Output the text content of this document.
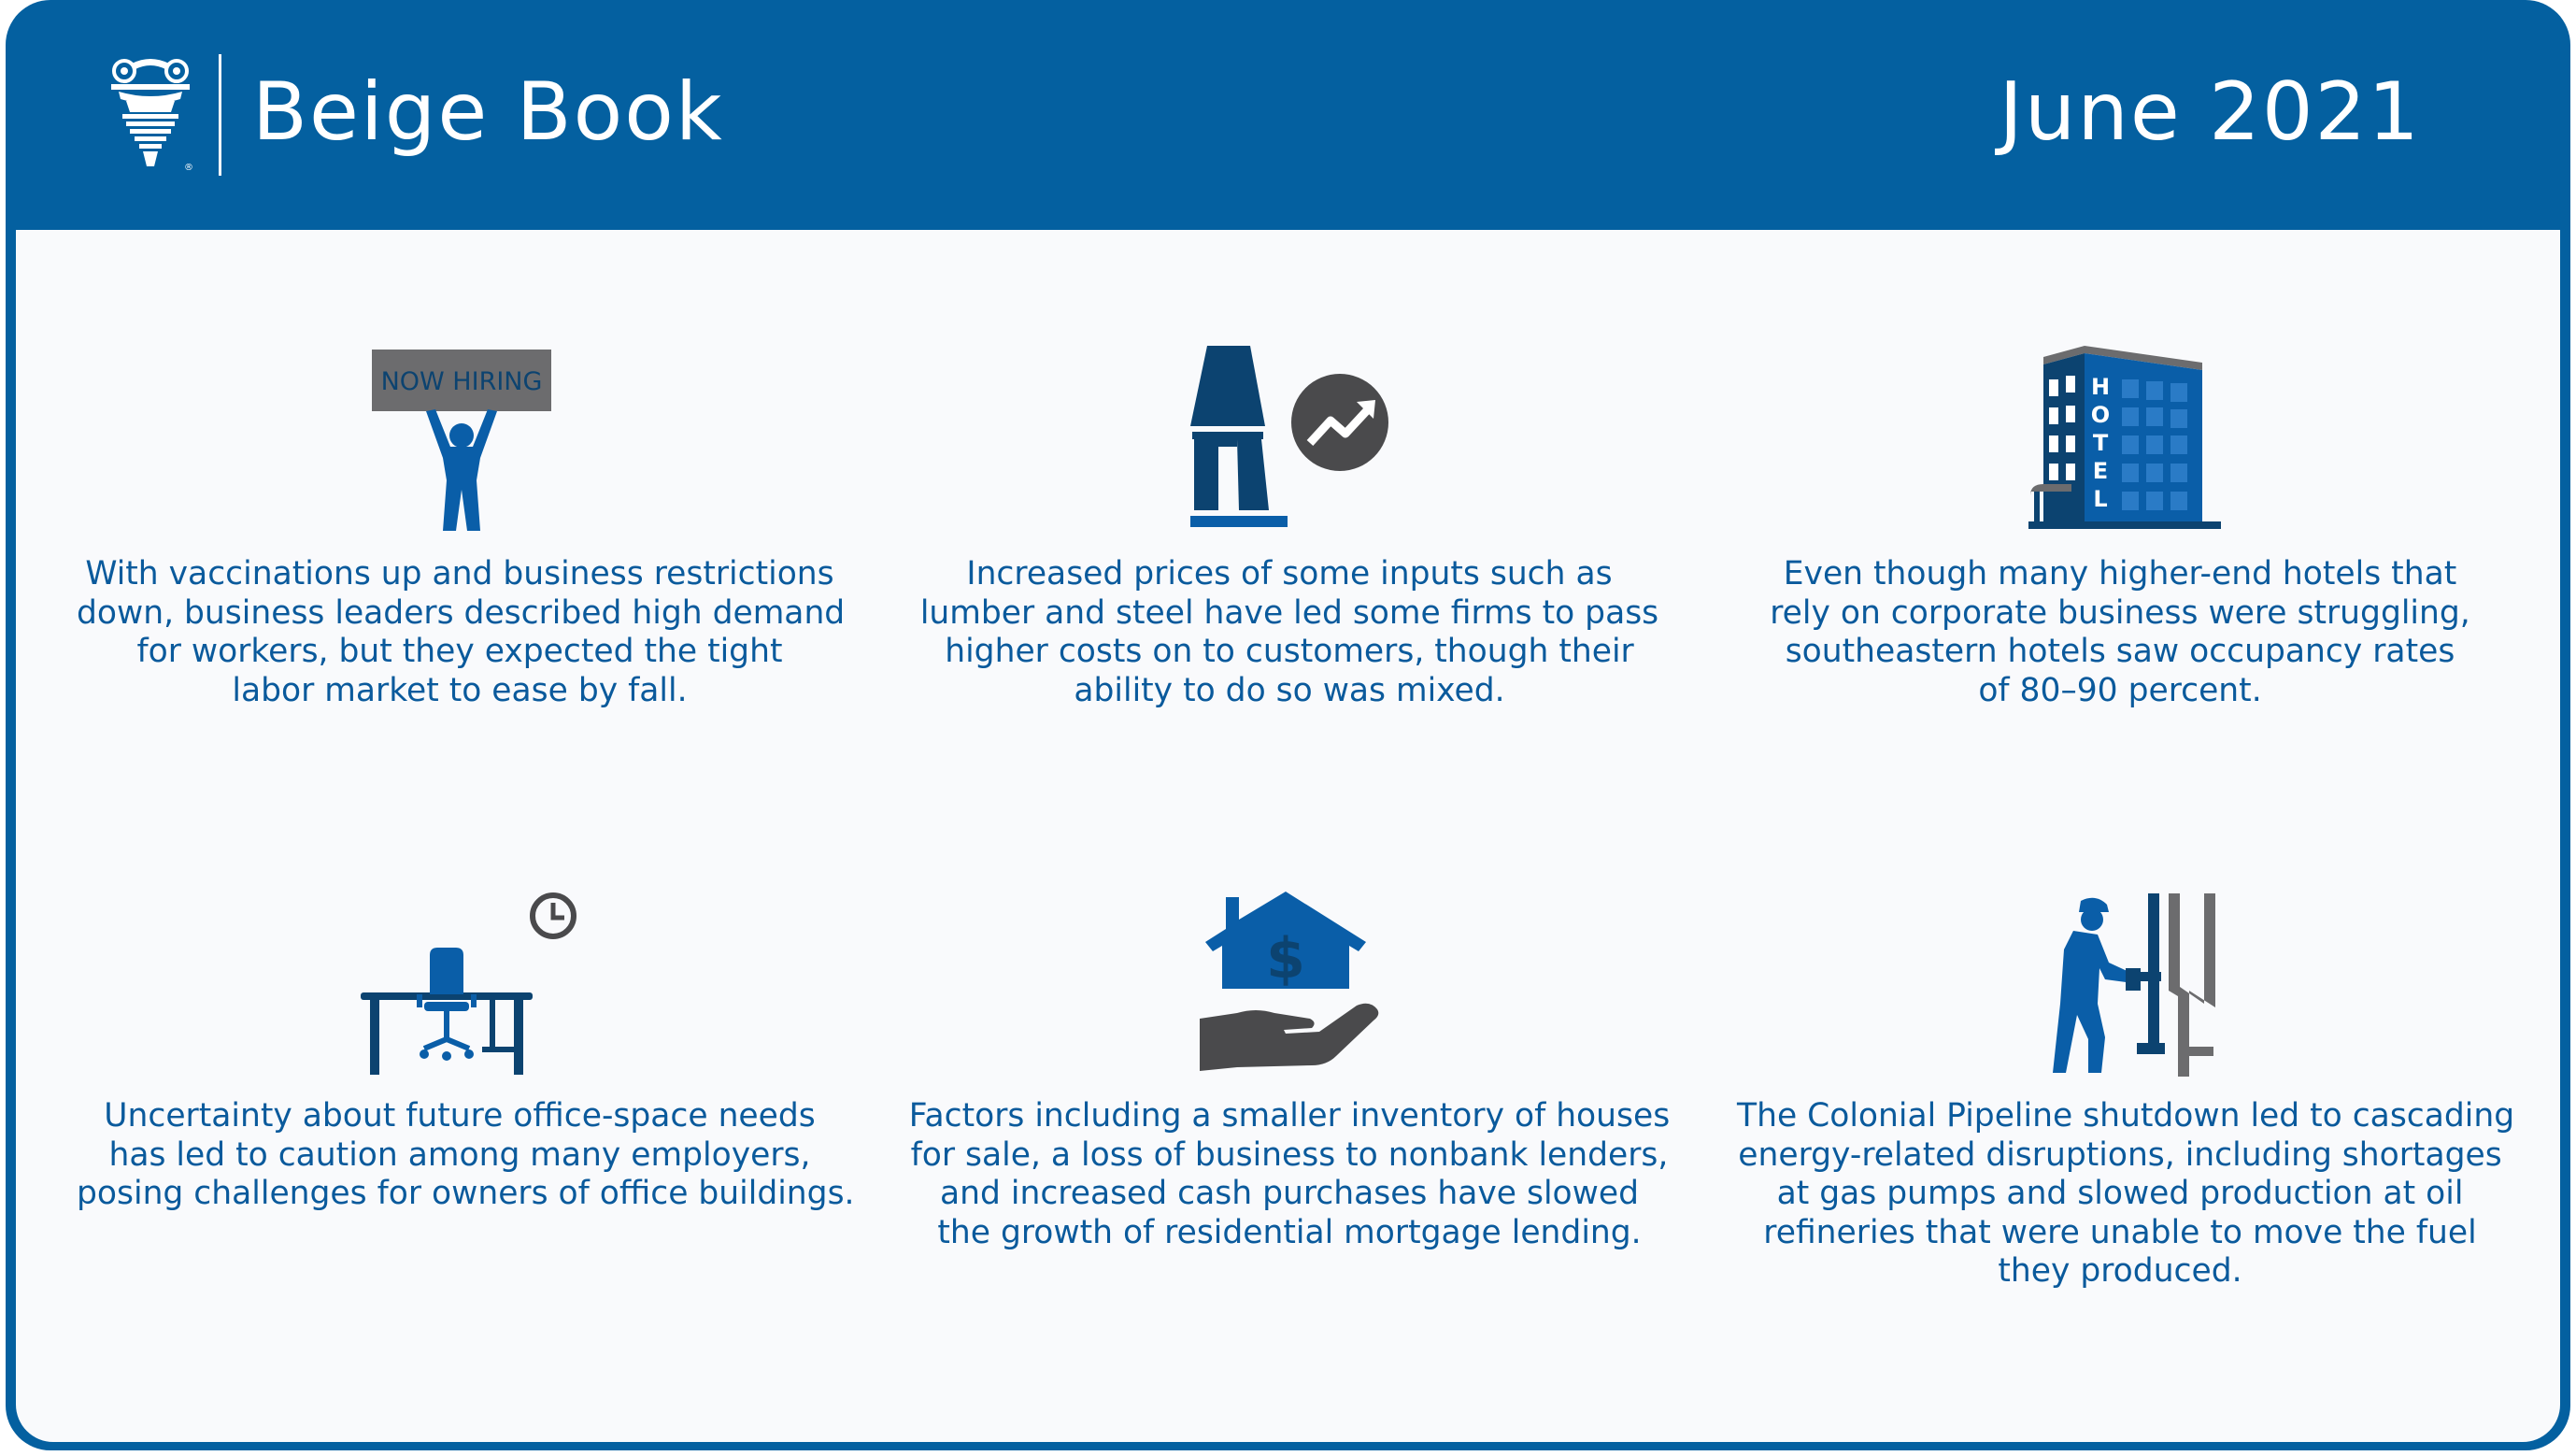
®
Beige Book	June 2021
NOW HIRING
With vaccinations up and business restrictions
down, business leaders described high demand
for workers, but they expected the tight
labor market to ease by fall.
Increased prices of some inputs such as
lumber and steel have led some firms to pass
higher costs on to customers, though their
ability to do so was mixed.
H
O
T
E
L
Even though many higher-end hotels that
rely on corporate business were struggling,
southeastern hotels saw occupancy rates
of 80–90 percent.
Uncertainty about future office-space needs
has led to caution among many employers,
posing challenges for owners of office buildings.
$
Factors including a smaller inventory of houses
for sale, a loss of business to nonbank lenders,
and increased cash purchases have slowed
the growth of residential mortgage lending.
The Colonial Pipeline shutdown led to cascading
energy-related disruptions, including shortages
at gas pumps and slowed production at oil
refineries that were unable to move the fuel
they produced.
